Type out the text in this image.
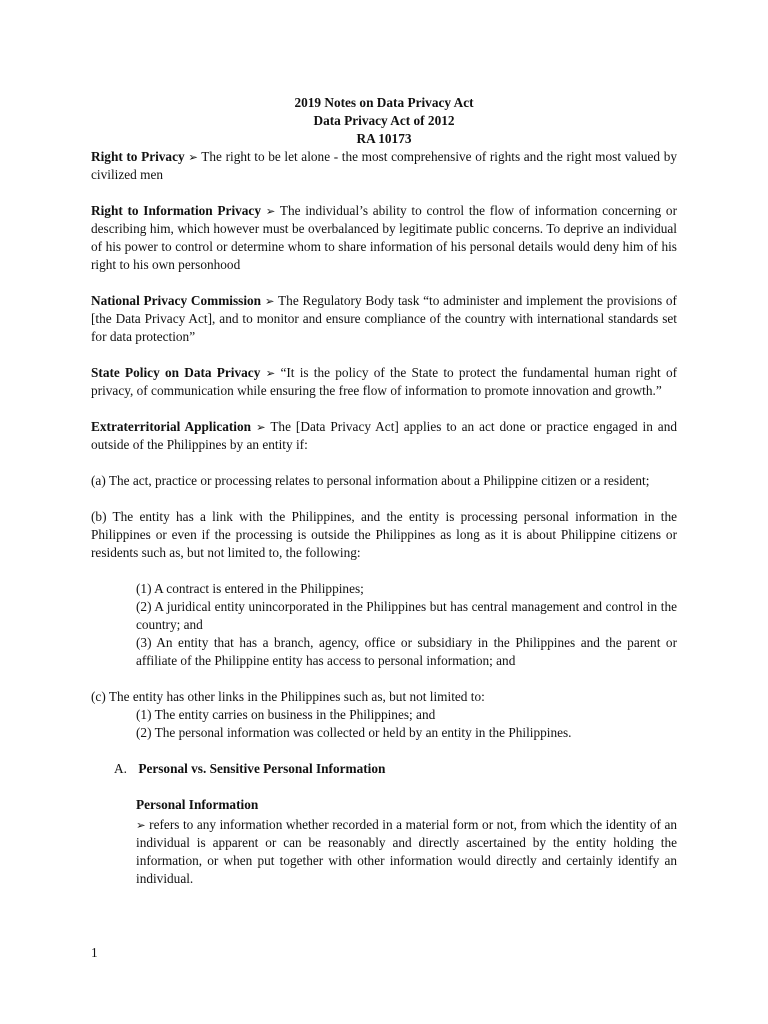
2019 Notes on Data Privacy Act
Data Privacy Act of 2012
RA 10173

Right to Privacy ➢ The right to be let alone - the most comprehensive of rights and the right most valued by civilized men

Right to Information Privacy ➢ The individual’s ability to control the flow of information concerning or describing him, which however must be overbalanced by legitimate public concerns. To deprive an individual of his power to control or determine whom to share information of his personal details would deny him of his right to his own personhood

National Privacy Commission ➢ The Regulatory Body task “to administer and implement the provisions of [the Data Privacy Act], and to monitor and ensure compliance of the country with international standards set for data protection”

State Policy on Data Privacy ➢ “It is the policy of the State to protect the fundamental human right of privacy, of communication while ensuring the free flow of information to promote innovation and growth.”

Extraterritorial Application ➢ The [Data Privacy Act] applies to an act done or practice engaged in and outside of the Philippines by an entity if:

(a) The act, practice or processing relates to personal information about a Philippine citizen or a resident;

(b) The entity has a link with the Philippines, and the entity is processing personal information in the Philippines or even if the processing is outside the Philippines as long as it is about Philippine citizens or residents such as, but not limited to, the following:

(1) A contract is entered in the Philippines;
(2) A juridical entity unincorporated in the Philippines but has central management and control in the country; and
(3) An entity that has a branch, agency, office or subsidiary in the Philippines and the parent or affiliate of the Philippine entity has access to personal information; and

(c) The entity has other links in the Philippines such as, but not limited to:

(1) The entity carries on business in the Philippines; and
(2) The personal information was collected or held by an entity in the Philippines.
A. Personal vs. Sensitive Personal Information
Personal Information
➢ refers to any information whether recorded in a material form or not, from which the identity of an individual is apparent or can be reasonably and directly ascertained by the entity holding the information, or when put together with other information would directly and certainly identify an individual.
1
